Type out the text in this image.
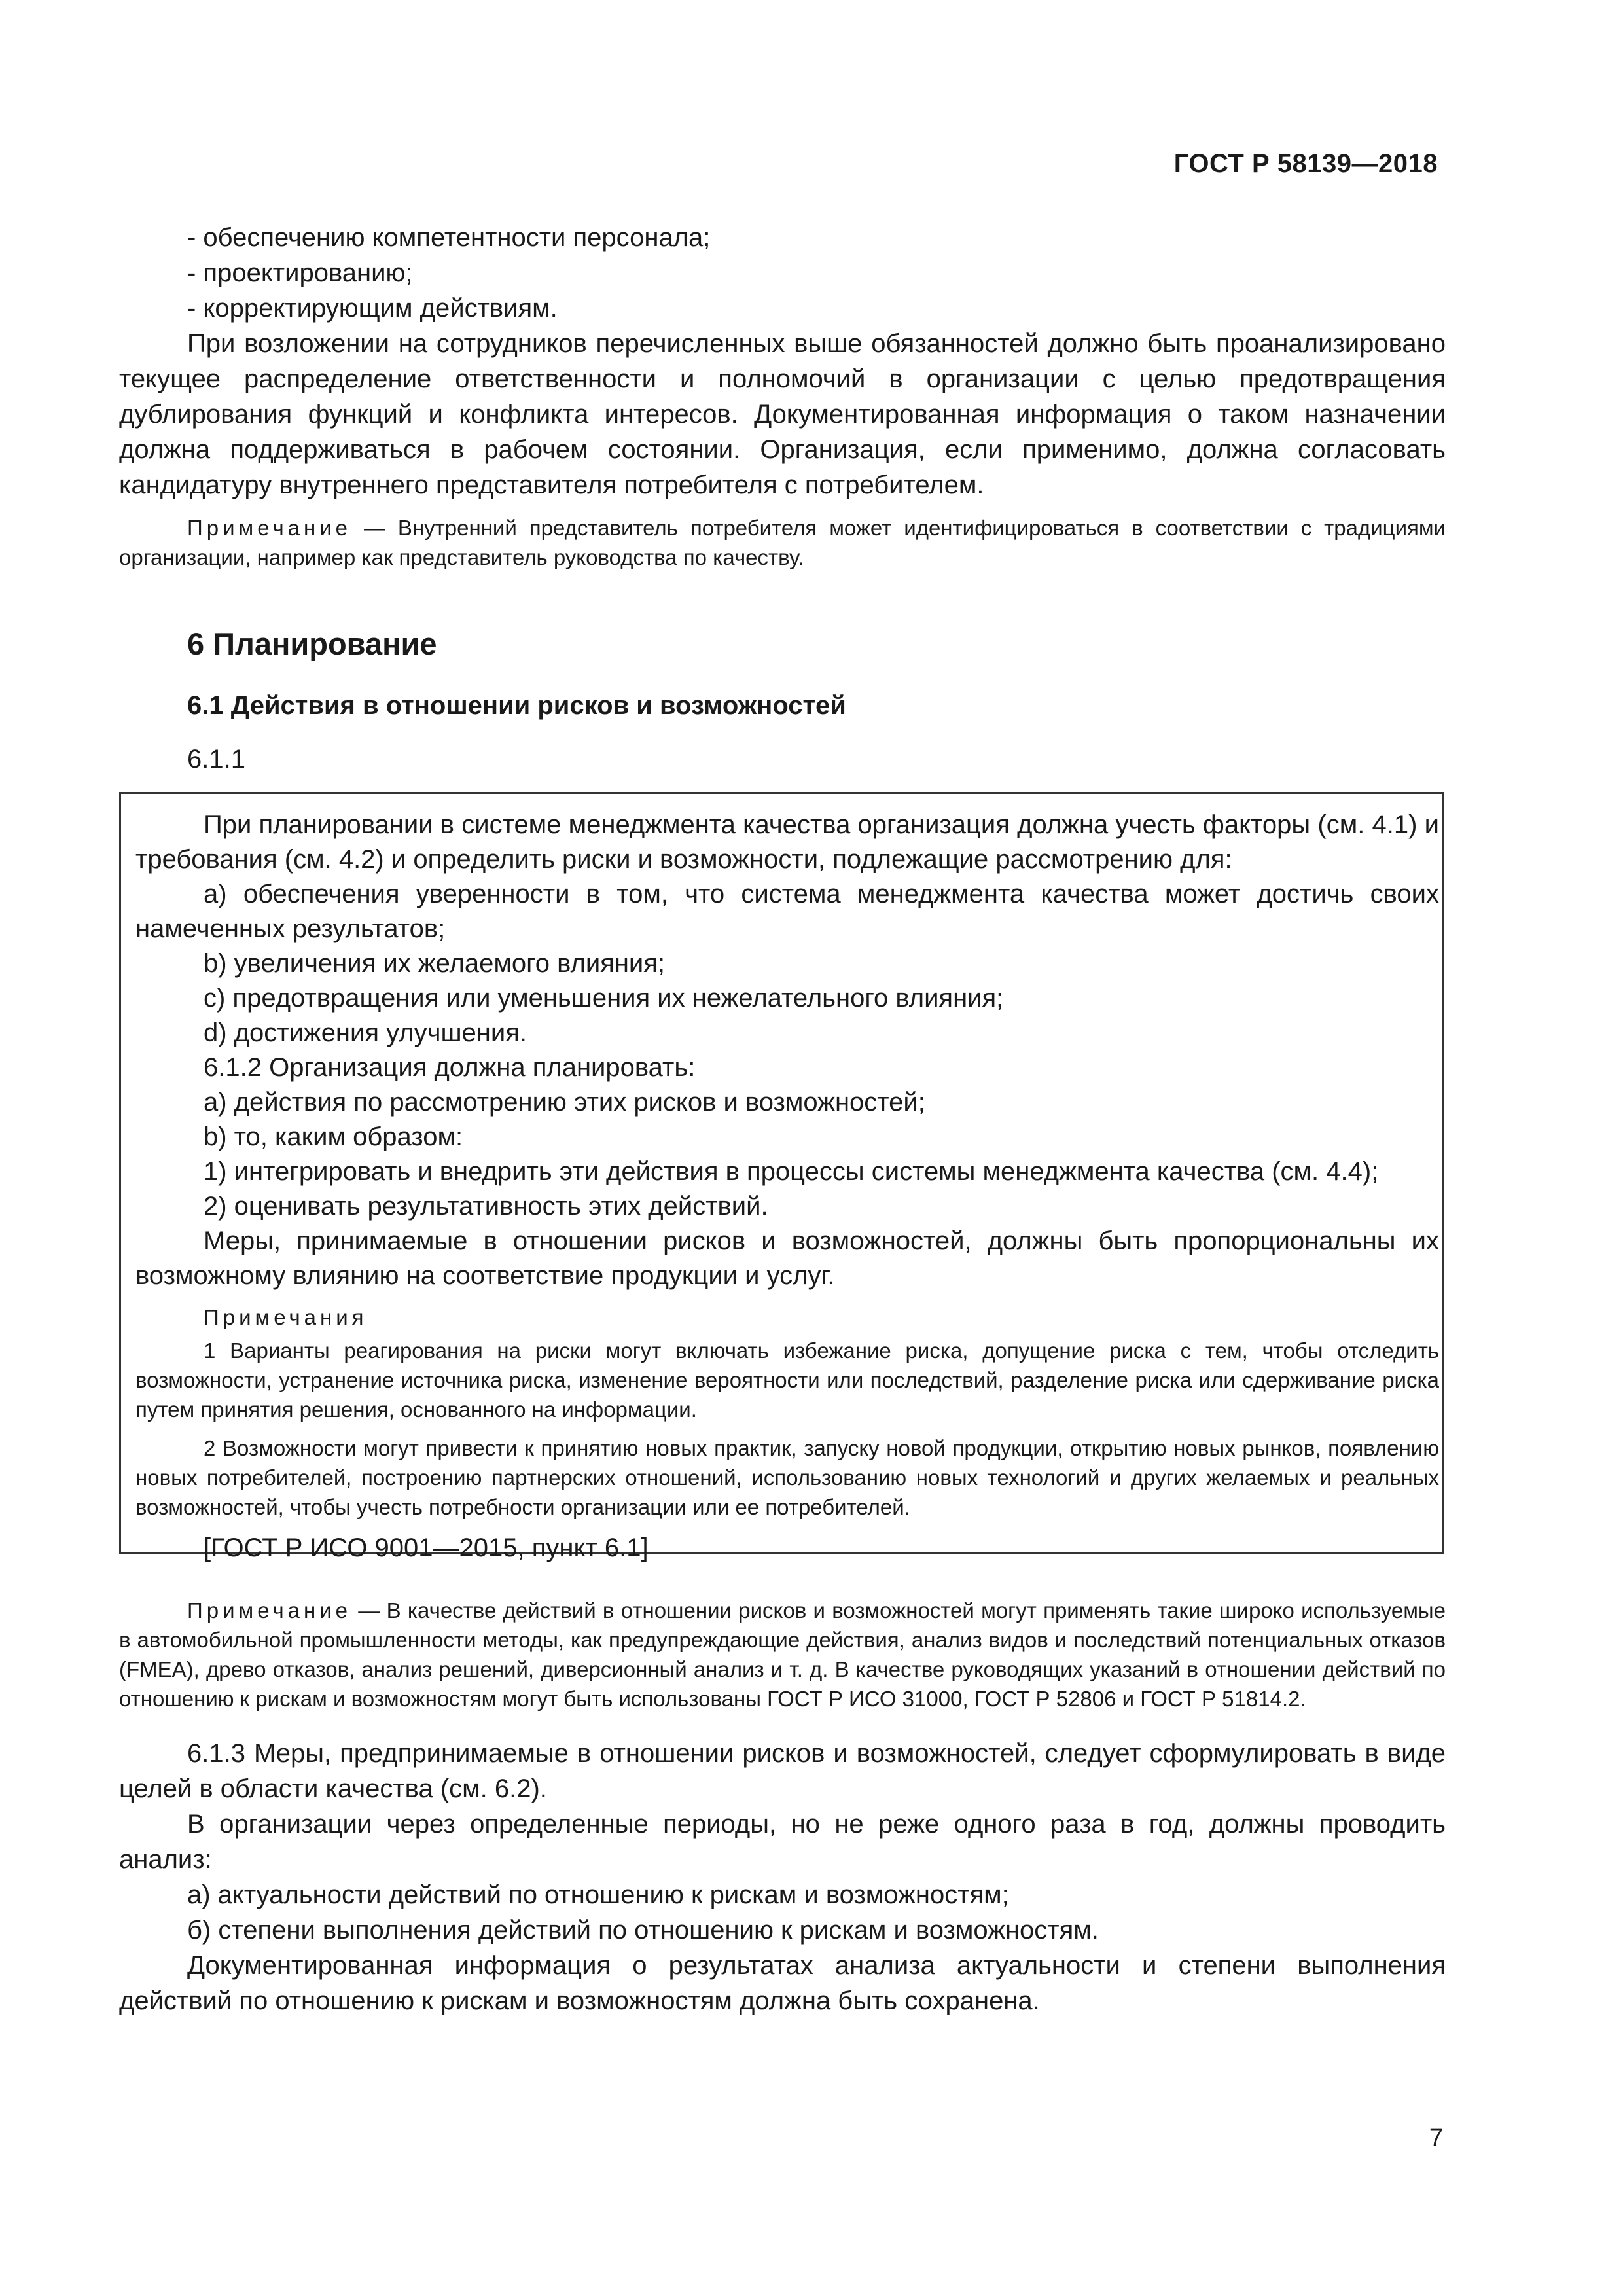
ГОСТ Р 58139—2018
- обеспечению компетентности персонала;
- проектированию;
- корректирующим действиям.

При возложении на сотрудников перечисленных выше обязанностей должно быть проанализировано текущее распределение ответственности и полномочий в организации с целью предотвращения дублирования функций и конфликта интересов. Документированная информация о таком назначении должна поддерживаться в рабочем состоянии. Организация, если применимо, должна согласовать кандидатуру внутреннего представителя потребителя с потребителем.

Примечание — Внутренний представитель потребителя может идентифицироваться в соответствии с традициями организации, например как представитель руководства по качеству.

6 Планирование
6.1 Действия в отношении рисков и возможностей
6.1.1

При планировании в системе менеджмента качества организация должна учесть факторы (см. 4.1) и требования (см. 4.2) и определить риски и возможности, подлежащие рассмотрению для:

a) обеспечения уверенности в том, что система менеджмента качества может достичь своих намеченных результатов;

b) увеличения их желаемого влияния;

c) предотвращения или уменьшения их нежелательного влияния;

d) достижения улучшения.

6.1.2 Организация должна планировать:

a) действия по рассмотрению этих рисков и возможностей;

b) то, каким образом:

1) интегрировать и внедрить эти действия в процессы системы менеджмента качества (см. 4.4);

2) оценивать результативность этих действий.

Меры, принимаемые в отношении рисков и возможностей, должны быть пропорциональны их возможному влиянию на соответствие продукции и услуг.

Примечания

1 Варианты реагирования на риски могут включать избежание риска, допущение риска с тем, чтобы отследить возможности, устранение источника риска, изменение вероятности или последствий, разделение риска или сдерживание риска путем принятия решения, основанного на информации.

2 Возможности могут привести к принятию новых практик, запуску новой продукции, открытию новых рынков, появлению новых потребителей, построению партнерских отношений, использованию новых технологий и других желаемых и реальных возможностей, чтобы учесть потребности организации или ее потребителей.

[ГОСТ Р ИСО 9001—2015, пункт 6.1]

Примечание — В качестве действий в отношении рисков и возможностей могут применять такие широко используемые в автомобильной промышленности методы, как предупреждающие действия, анализ видов и последствий потенциальных отказов (FMEA), древо отказов, анализ решений, диверсионный анализ и т. д. В качестве руководящих указаний в отношении действий по отношению к рискам и возможностям могут быть использованы ГОСТ Р ИСО 31000, ГОСТ Р 52806 и ГОСТ Р 51814.2.

6.1.3 Меры, предпринимаемые в отношении рисков и возможностей, следует сформулировать в виде целей в области качества (см. 6.2).

В организации через определенные периоды, но не реже одного раза в год, должны проводить анализ:

а) актуальности действий по отношению к рискам и возможностям;

б) степени выполнения действий по отношению к рискам и возможностям.

Документированная информация о результатах анализа актуальности и степени выполнения действий по отношению к рискам и возможностям должна быть сохранена.

7
